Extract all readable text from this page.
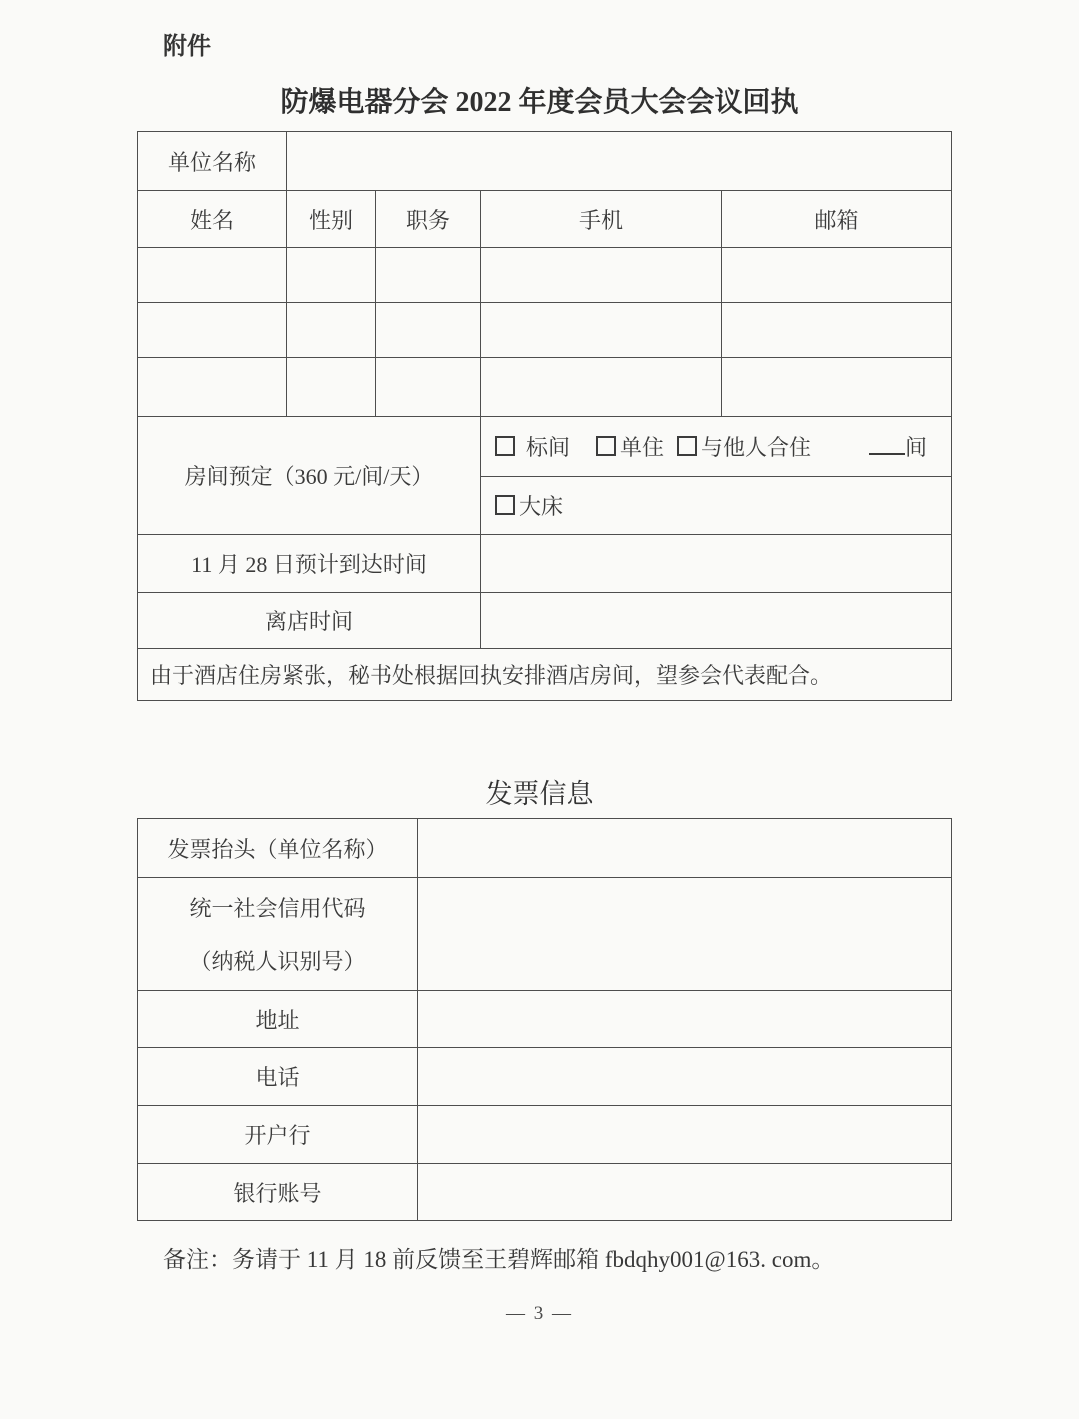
附件
防爆电器分会 2022 年度会员大会会议回执
单位名称				
姓名	性别	职务	手机	邮箱

房间预定（360 元/间/天）			标间 单住 与他人合住 间	
			大床	
11 月 28 日预计到达时间				
离店时间				
由于酒店住房紧张，秘书处根据回执安排酒店房间，望参会代表配合。				
发票信息
发票抬头（单位名称）	

统一社会信用代码
（纳税人识别号）	

地址	
电话	
开户行	
银行账号	
备注：务请于 11 月 18 前反馈至王碧辉邮箱 fbdqhy001@163. com。
— 3 —
